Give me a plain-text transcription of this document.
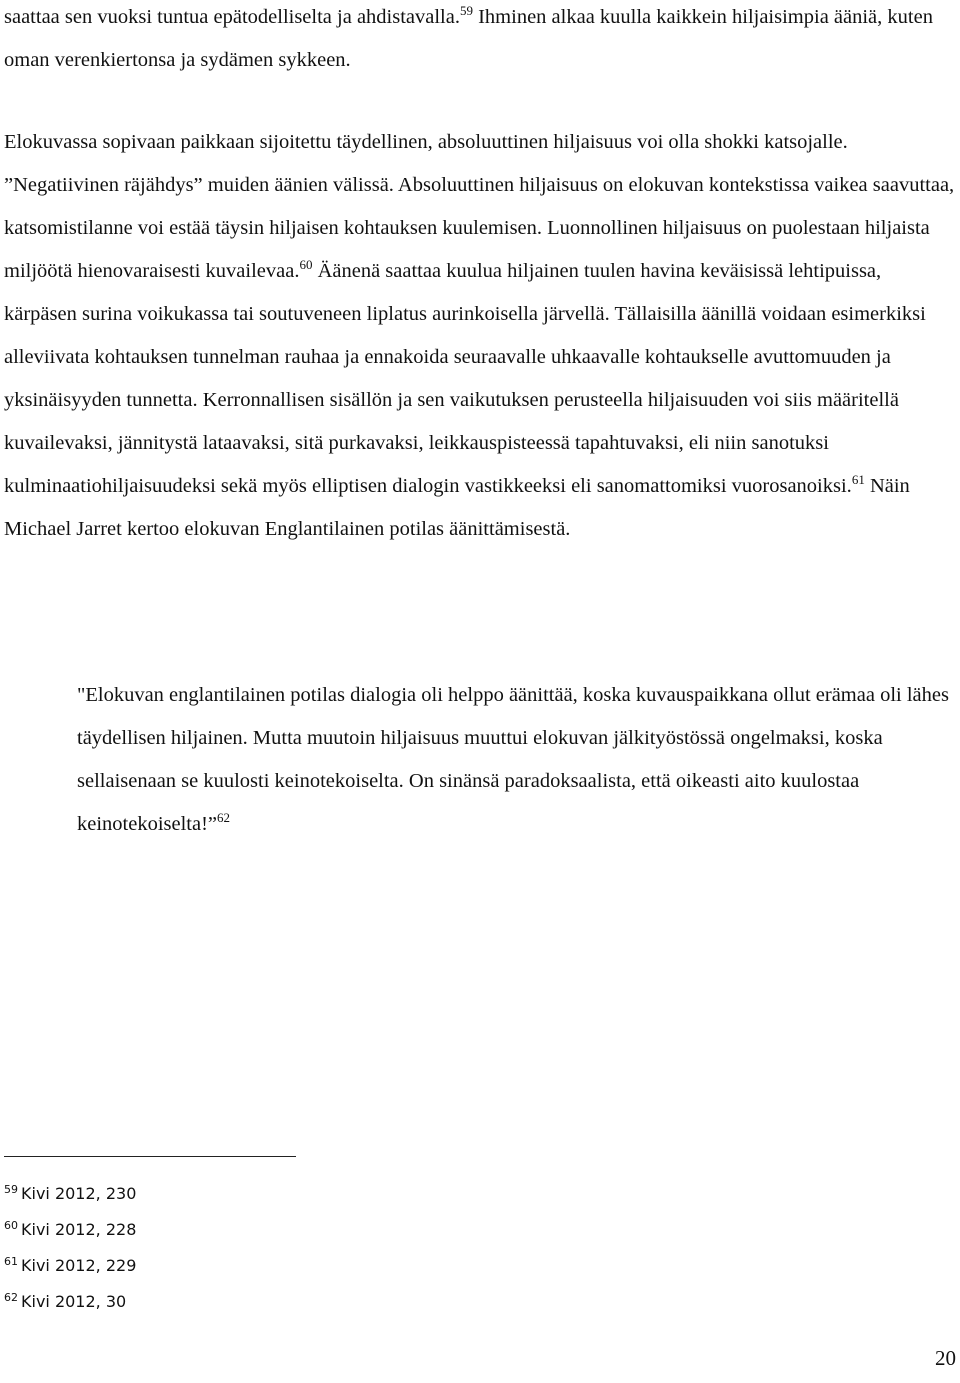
saattaa sen vuoksi tuntua epätodelliselta ja ahdistavalla.$^{59}$ Ihminen alkaa kuulla kaikkein hiljaisimpia ääniä, kuten oman verenkiertonsa ja sydämen sykkeen.

Elokuvassa sopivaan paikkaan sijoitettu täydellinen, absoluuttinen hiljaisuus voi olla shokki katsojalle. ”Negatiivinen räjähdys” muiden äänien välissä. Absoluuttinen hiljaisuus on elokuvan kontekstissa vaikea saavuttaa, katsomistilanne voi estää täysin hiljaisen kohtauksen kuulemisen. Luonnollinen hiljaisuus on puolestaan hiljaista miljöötä hienovaraisesti kuvailevaa.$^{60}$ Äänenä saattaa kuulua hiljainen tuulen havina keväisissä lehtipuissa, kärpäsen surina voikukassa tai soutuveneen liplatus aurinkoisella järvellä. Tällaisilla äänillä voidaan esimerkiksi alleviivata kohtauksen tunnelman rauhaa ja ennakoida seuraavalle uhkaavalle kohtaukselle avuttomuuden ja yksinäisyyden tunnetta. Kerronnallisen sisällön ja sen vaikutuksen perusteella hiljaisuuden voi siis määritellä kuvailevaksi, jännitystä lataavaksi, sitä purkavaksi, leikkauspisteessä tapahtuvaksi, eli niin sanotuksi kulminaatiohiljaisuudeksi sekä myös elliptisen dialogin vastikkeeksi eli sanomattomiksi vuorosanoiksi.$^{61}$ Näin Michael Jarret kertoo elokuvan Englantilainen potilas äänittämisestä.

"Elokuvan englantilainen potilas dialogia oli helppo äänittää, koska kuvauspaikkana ollut erämaa oli lähes täydellisen hiljainen. Mutta muutoin hiljaisuus muuttui elokuvan jälkityöstössä ongelmaksi, koska sellaisenaan se kuulosti keinotekoiselta. On sinänsä paradoksaalista, että oikeasti aito kuulostaa keinotekoiselta!”$^{62}$

$^{59}$ Kivi 2012, 230
$^{60}$ Kivi 2012, 228
$^{61}$ Kivi 2012, 229
$^{62}$ Kivi 2012, 30
20
